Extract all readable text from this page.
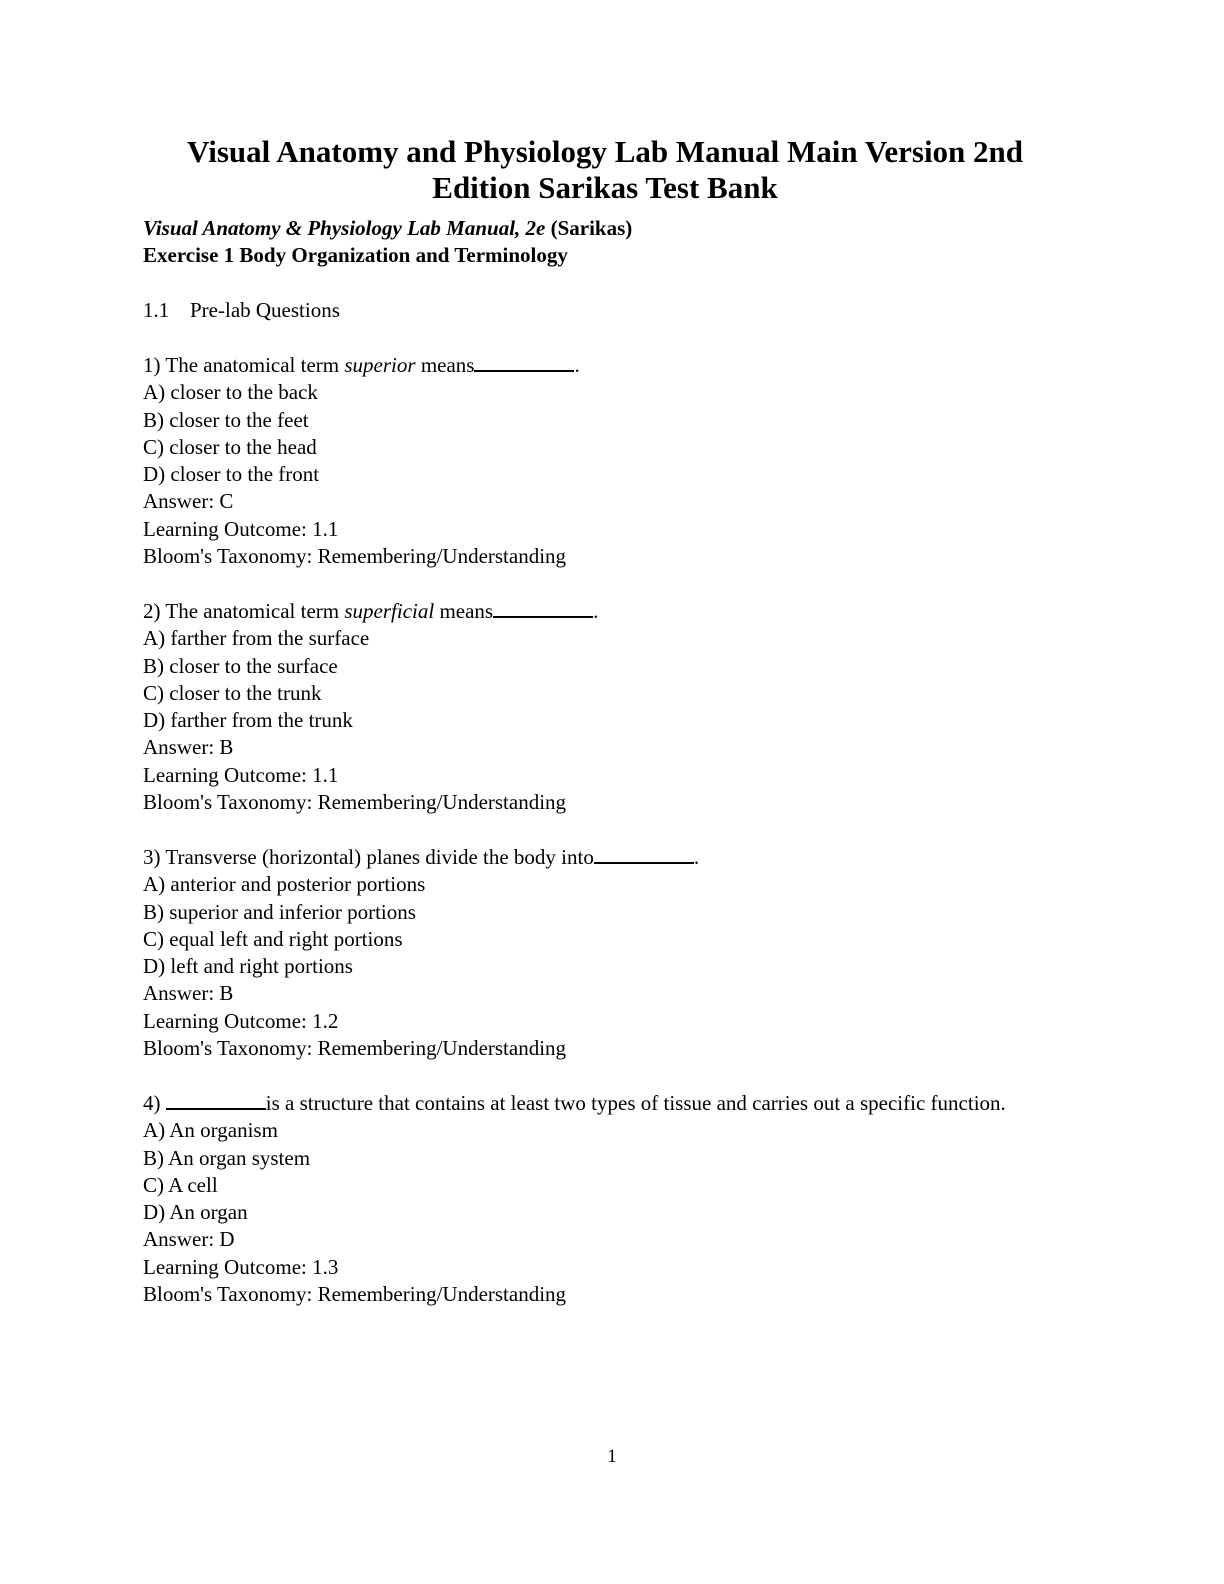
Visual Anatomy and Physiology Lab Manual Main Version 2nd
Edition Sarikas Test Bank
Visual Anatomy & Physiology Lab Manual, 2e (Sarikas)
Exercise 1 Body Organization and Terminology
1.1 Pre-lab Questions
1) The anatomical term superior means	.
A) closer to the back
B) closer to the feet
C) closer to the head
D) closer to the front
Answer: C
Learning Outcome: 1.1
Bloom's Taxonomy: Remembering/Understanding
2) The anatomical term superficial means	.
A) farther from the surface
B) closer to the surface
C) closer to the trunk
D) farther from the trunk
Answer: B
Learning Outcome: 1.1
Bloom's Taxonomy: Remembering/Understanding
3) Transverse (horizontal) planes divide the body into	.
A) anterior and posterior portions
B) superior and inferior portions
C) equal left and right portions
D) left and right portions
Answer: B
Learning Outcome: 1.2
Bloom's Taxonomy: Remembering/Understanding
4)	is a structure that contains at least two types of tissue and carries out a specific function.
A) An organism
B) An organ system
C) A cell
D) An organ
Answer: D
Learning Outcome: 1.3
Bloom's Taxonomy: Remembering/Understanding
1
